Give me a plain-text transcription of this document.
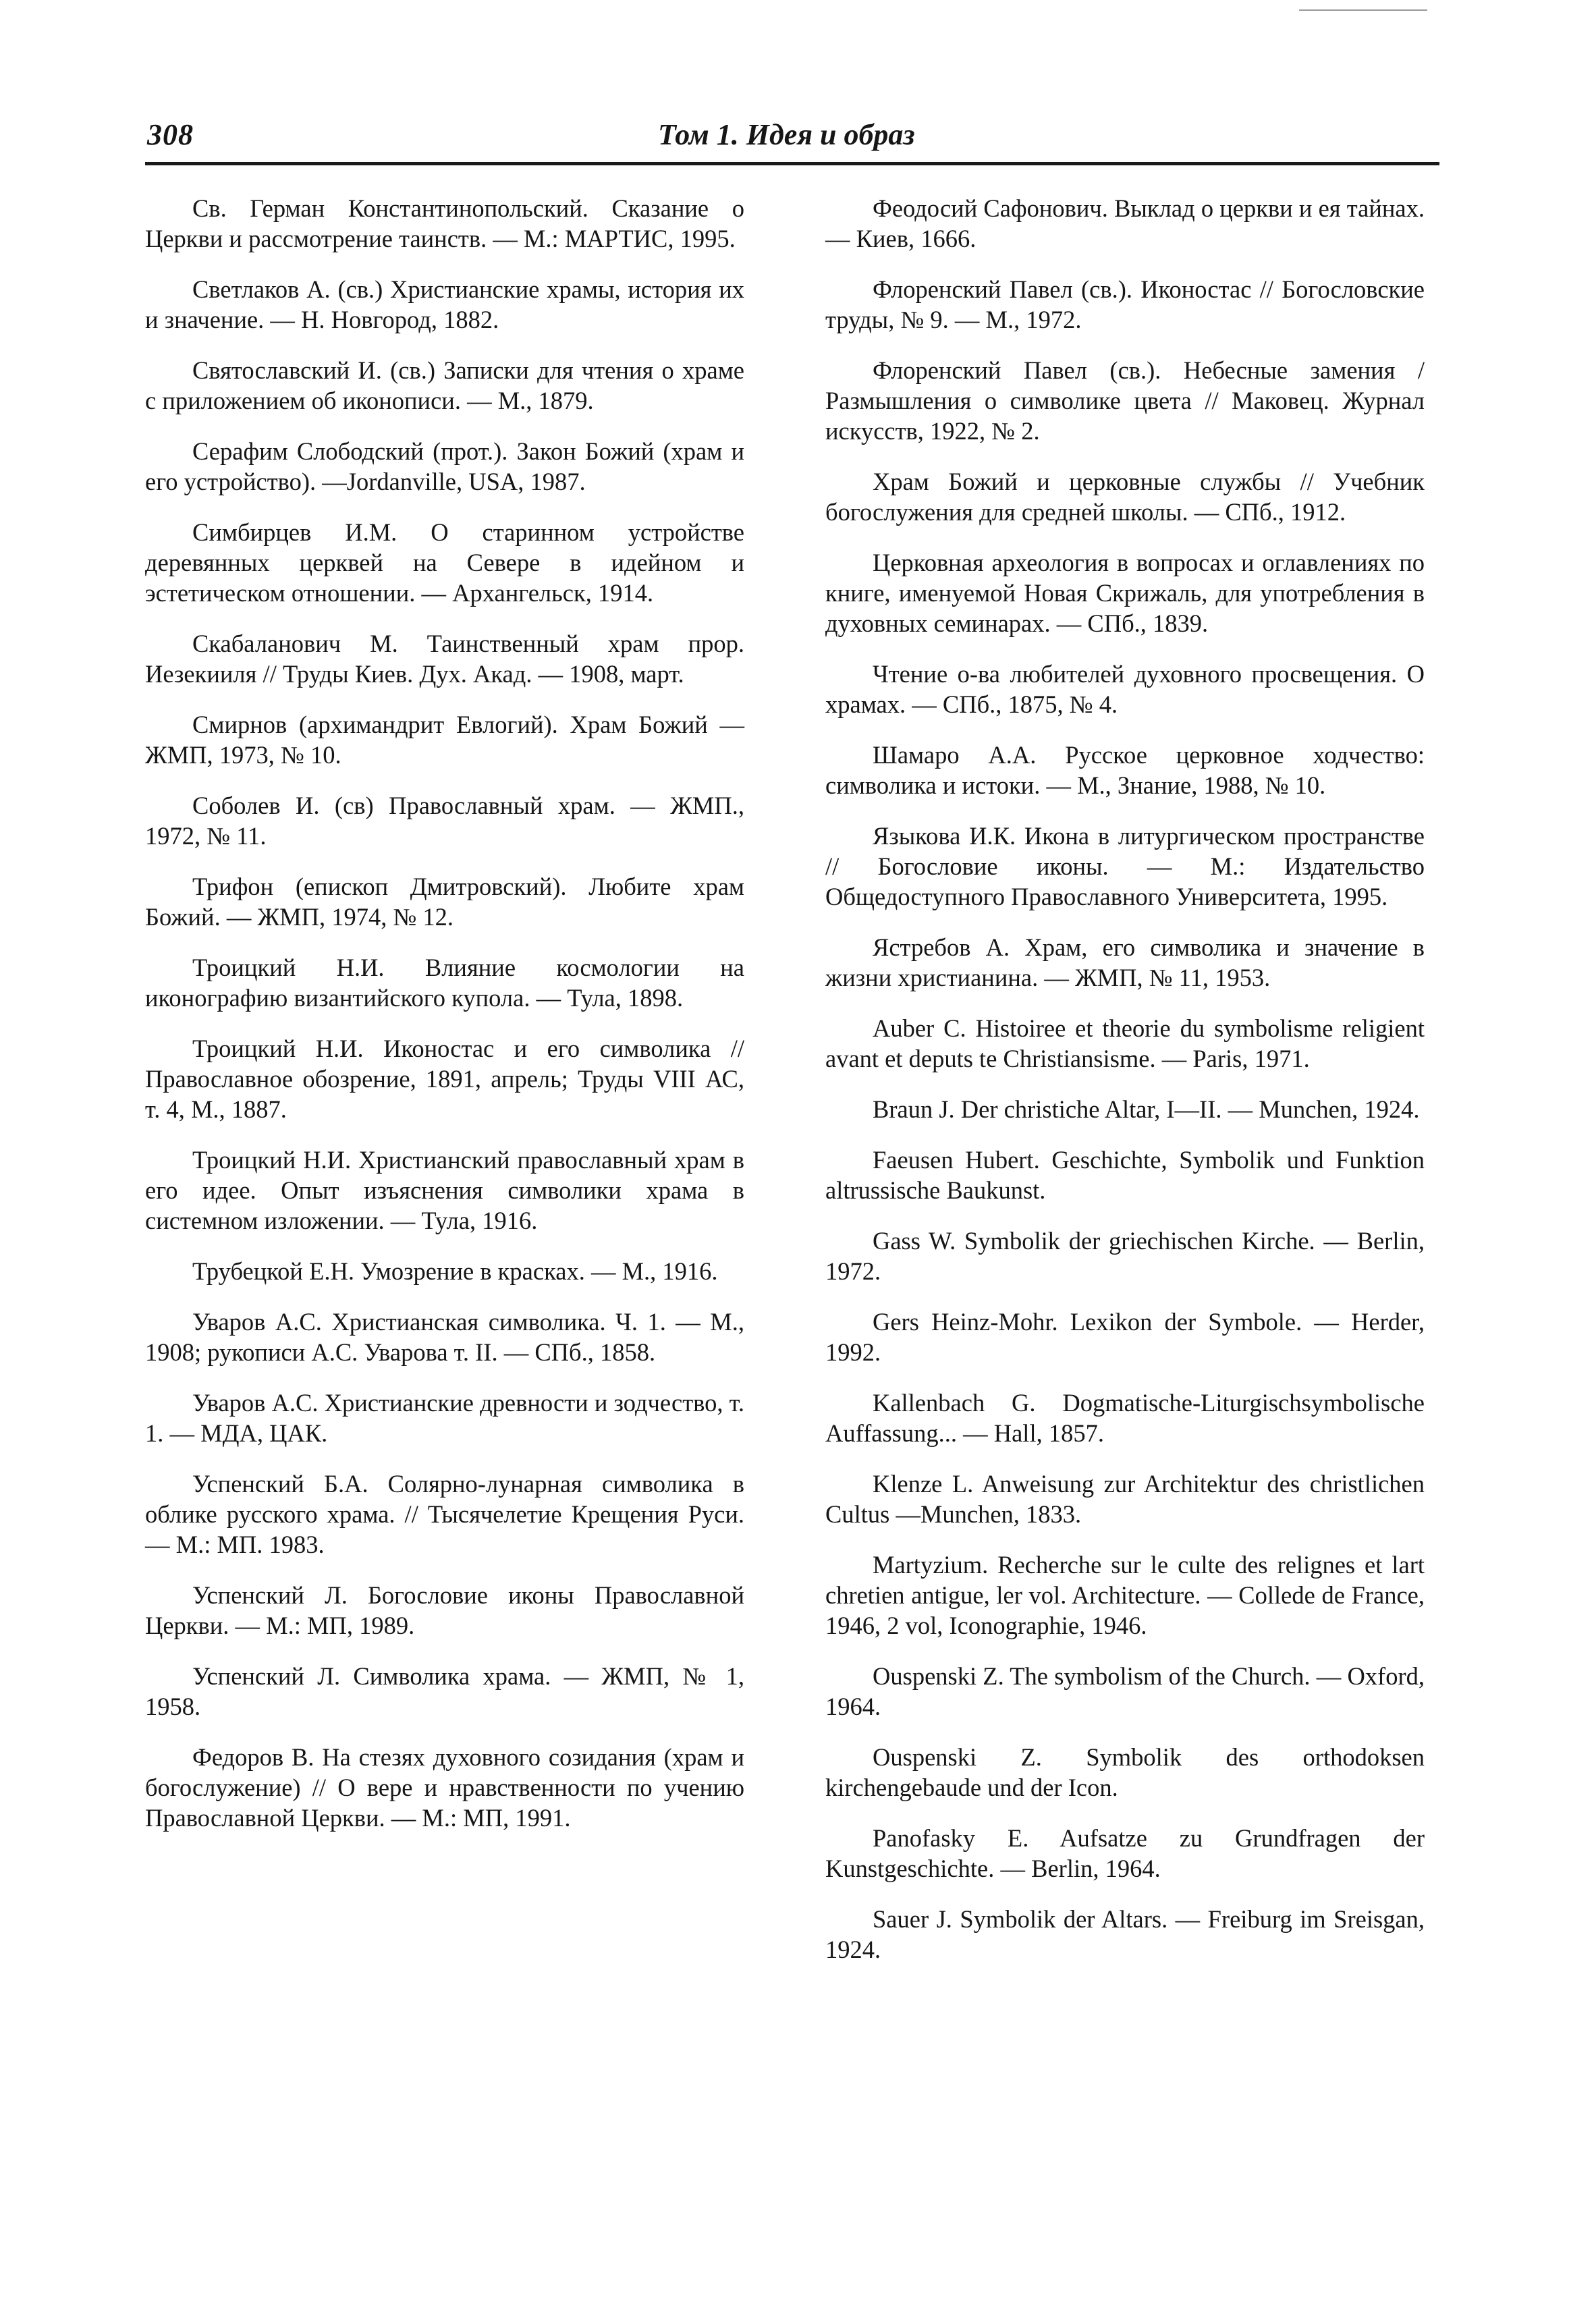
308	Том 1. Идея и образ

Св. Герман Константинопольский. Сказание о Церкви и рассмотрение таинств. — М.: МАРТИС, 1995.

Светлаков А. (св.) Христианские храмы, история их и значение. — Н. Новгород, 1882.

Святославский И. (св.) Записки для чтения о храме с приложением об иконописи. — М., 1879.

Серафим Слободский (прот.). Закон Божий (храм и его устройство). —Jordanville, USA, 1987.

Симбирцев И.М. О старинном устройстве деревянных церквей на Севере в идейном и эстетическом отношении. — Архангельск, 1914.

Скабаланович М. Таинственный храм прор. Иезекииля // Труды Киев. Дух. Акад. — 1908, март.

Смирнов (архимандрит Евлогий). Храм Божий — ЖМП, 1973, № 10.

Соболев И. (св) Православный храм. — ЖМП., 1972, № 11.

Трифон (епископ Дмитровский). Любите храм Божий. — ЖМП, 1974, № 12.

Троицкий Н.И. Влияние космологии на иконографию византийского купола. — Тула, 1898.

Троицкий Н.И. Иконостас и его символика // Православное обозрение, 1891, апрель; Труды VIII АС, т. 4, М., 1887.

Троицкий Н.И. Христианский православный храм в его идее. Опыт изъяснения символики храма в системном изложении. — Тула, 1916.

Трубецкой Е.Н. Умозрение в красках. — М., 1916.

Уваров А.С. Христианская символика. Ч. 1. — М., 1908; рукописи А.С. Уварова т. II. — СПб., 1858.

Уваров А.С. Христианские древности и зодчество, т. 1. — МДА, ЦАК.

Успенский Б.А. Солярно-лунарная символика в облике русского храма. // Тысячелетие Крещения Руси. — М.: МП. 1983.

Успенский Л. Богословие иконы Православной Церкви. — М.: МП, 1989.

Успенский Л. Символика храма. — ЖМП, № 1, 1958.

Федоров В. На стезях духовного созидания (храм и богослужение) // О вере и нравственности по учению Православной Церкви. — М.: МП, 1991.

Феодосий Сафонович. Выклад о церкви и ея тайнах. — Киев, 1666.

Флоренский Павел (св.). Иконостас // Богословские труды, № 9. — М., 1972.

Флоренский Павел (св.). Небесные замения / Размышления о символике цвета // Маковец. Журнал искусств, 1922, № 2.

Храм Божий и церковные службы // Учебник богослужения для средней школы. — СПб., 1912.

Церковная археология в вопросах и оглавлениях по книге, именуемой Новая Скрижаль, для употребления в духовных семинарах. — СПб., 1839.

Чтение о-ва любителей духовного просвещения. О храмах. — СПб., 1875, № 4.

Шамаро А.А. Русское церковное ходчество: символика и истоки. — М., Знание, 1988, № 10.

Языкова И.К. Икона в литургическом пространстве // Богословие иконы. — М.: Издательство Общедоступного Православного Университета, 1995.

Ястребов А. Храм, его символика и значение в жизни христианина. — ЖМП, № 11, 1953.

Auber C. Histoiree et theorie du symbolisme religient avant et deputs te Christiansisme. — Paris, 1971.

Braun J. Der christiche Altar, I—II. — Munchen, 1924.

Faeusen Hubert. Geschichte, Symbolik und Funktion altrussische Baukunst.

Gass W. Symbolik der griechischen Kirche. — Berlin, 1972.

Gers Heinz-Mohr. Lexikon der Symbole. — Herder, 1992.

Kallenbach G. Dogmatische-Liturgischsymbolische Auffassung... — Hall, 1857.

Klenze L. Anweisung zur Architektur des christlichen Cultus —Munchen, 1833.

Martyzium. Recherche sur le culte des relignes et lart chretien antigue, ler vol. Architecture. — Collede de France, 1946, 2 vol, Iconographie, 1946.

Ouspenski Z. The symbolism of the Church. — Oxford, 1964.

Ouspenski Z. Symbolik des orthodoksen kirchengebaude und der Icon.

Panofasky E. Aufsatze zu Grundfragen der Kunstgeschichte. — Berlin, 1964.

Sauer J. Symbolik der Altars. — Freiburg im Sreisgan, 1924.
